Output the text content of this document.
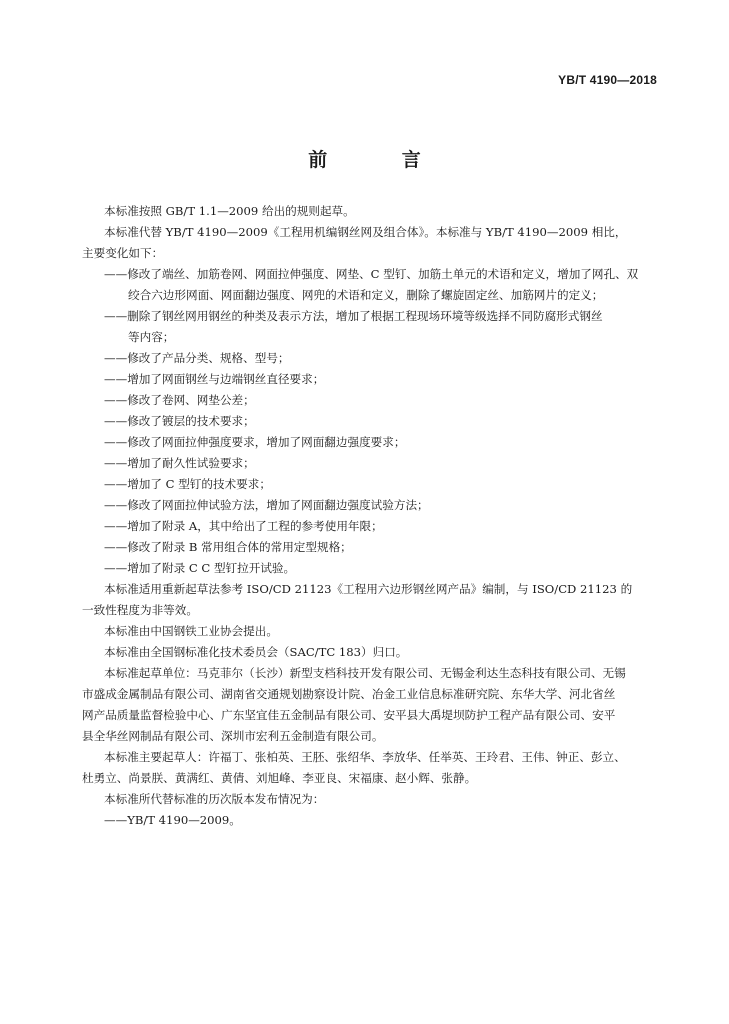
YB/T 4190—2018
前 言

本标准按照 GB/T 1.1—2009 给出的规则起草。

本标准代替 YB/T 4190—2009《工程用机编钢丝网及组合体》。本标准与 YB/T 4190—2009 相比，

主要变化如下：

——修改了端丝、加筋卷网、网面拉伸强度、网垫、C 型钉、加筋土单元的术语和定义，增加了网孔、双

绞合六边形网面、网面翻边强度、网兜的术语和定义，删除了螺旋固定丝、加筋网片的定义；

——删除了钢丝网用钢丝的种类及表示方法，增加了根据工程现场环境等级选择不同防腐形式钢丝

等内容；

——修改了产品分类、规格、型号；

——增加了网面钢丝与边端钢丝直径要求；

——修改了卷网、网垫公差；

——修改了镀层的技术要求；

——修改了网面拉伸强度要求，增加了网面翻边强度要求；

——增加了耐久性试验要求；

——增加了 C 型钉的技术要求；

——修改了网面拉伸试验方法，增加了网面翻边强度试验方法；

——增加了附录 A，其中给出了工程的参考使用年限；

——修改了附录 B 常用组合体的常用定型规格；

——增加了附录 C C 型钉拉开试验。

本标准适用重新起草法参考 ISO/CD 21123《工程用六边形钢丝网产品》编制，与 ISO/CD 21123 的

一致性程度为非等效。

本标准由中国钢铁工业协会提出。

本标准由全国钢标准化技术委员会（SAC/TC 183）归口。

本标准起草单位：马克菲尔（长沙）新型支档科技开发有限公司、无锡金利达生态科技有限公司、无锡

市盛成金属制品有限公司、湖南省交通规划勘察设计院、冶金工业信息标准研究院、东华大学、河北省丝

网产品质量监督检验中心、广东坚宜佳五金制品有限公司、安平县大禹堤坝防护工程产品有限公司、安平

县全华丝网制品有限公司、深圳市宏利五金制造有限公司。

本标准主要起草人：许福丁、张柏英、王胚、张绍华、李放华、任举英、王玲君、王伟、钟正、彭立、

杜勇立、尚景朕、黄满红、黄倩、刘旭峰、李亚良、宋福康、赵小辉、张静。

本标准所代替标准的历次版本发布情况为：

——YB/T 4190—2009。
